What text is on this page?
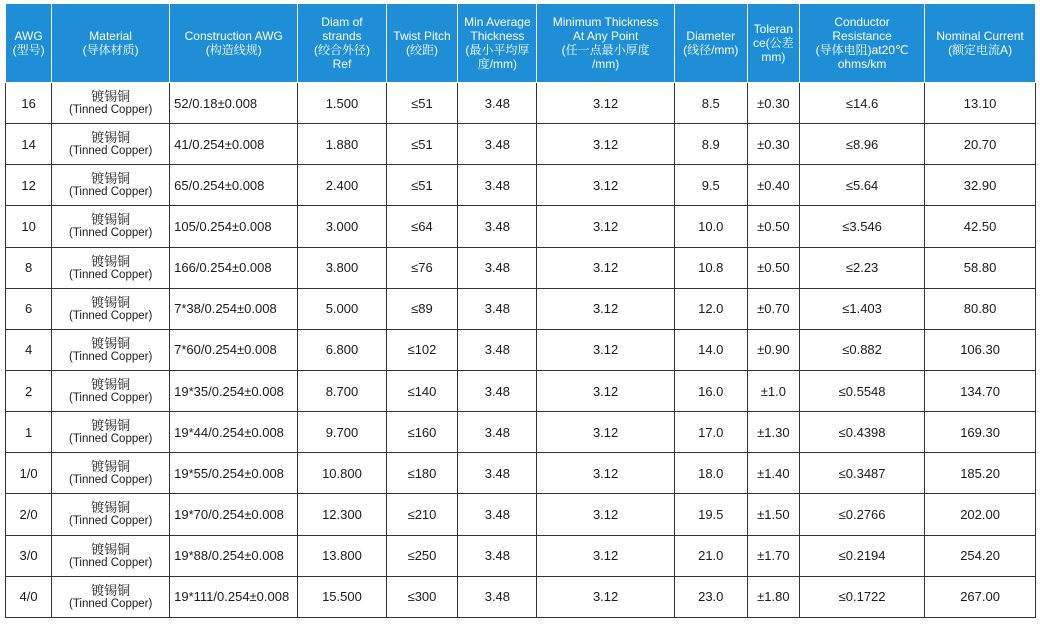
AWG
(型号)	Material
(导体材质)	Construction AWG
(构造线规)	Diam of
strands
(绞合外径)
Ref	Twist Pitch
(绞距)	Min Average
Thickness
(最小平均厚
度/mm)	Minimum Thickness
At Any Point
(任一点最小厚度
/mm)	Diameter
(线径/mm)	Toleran
ce(公差
mm)	Conductor
Resistance
(导体电阻)at20℃
ohms/km	Nominal Current
(额定电流A)
16	镀锡铜
(Tinned Copper)	52/0.18±0.008	1.500	≤51	3.48	3.12	8.5	±0.30	≤14.6	13.10
14	镀锡铜
(Tinned Copper)	41/0.254±0.008	1.880	≤51	3.48	3.12	8.9	±0.30	≤8.96	20.70
12	镀锡铜
(Tinned Copper)	65/0.254±0.008	2.400	≤51	3.48	3.12	9.5	±0.40	≤5.64	32.90
10	镀锡铜
(Tinned Copper)	105/0.254±0.008	3.000	≤64	3.48	3.12	10.0	±0.50	≤3.546	42.50
8	镀锡铜
(Tinned Copper)	166/0.254±0.008	3.800	≤76	3.48	3.12	10.8	±0.50	≤2.23	58.80
6	镀锡铜
(Tinned Copper)	7*38/0.254±0.008	5.000	≤89	3.48	3.12	12.0	±0.70	≤1.403	80.80
4	镀锡铜
(Tinned Copper)	7*60/0.254±0.008	6.800	≤102	3.48	3.12	14.0	±0.90	≤0.882	106.30
2	镀锡铜
(Tinned Copper)	19*35/0.254±0.008	8.700	≤140	3.48	3.12	16.0	±1.0	≤0.5548	134.70
1	镀锡铜
(Tinned Copper)	19*44/0.254±0.008	9.700	≤160	3.48	3.12	17.0	±1.30	≤0.4398	169.30
1/0	镀锡铜
(Tinned Copper)	19*55/0.254±0.008	10.800	≤180	3.48	3.12	18.0	±1.40	≤0.3487	185.20
2/0	镀锡铜
(Tinned Copper)	19*70/0.254±0.008	12.300	≤210	3.48	3.12	19.5	±1.50	≤0.2766	202.00
3/0	镀锡铜
(Tinned Copper)	19*88/0.254±0.008	13.800	≤250	3.48	3.12	21.0	±1.70	≤0.2194	254.20
4/0	镀锡铜
(Tinned Copper)	19*111/0.254±0.008	15.500	≤300	3.48	3.12	23.0	±1.80	≤0.1722	267.00
